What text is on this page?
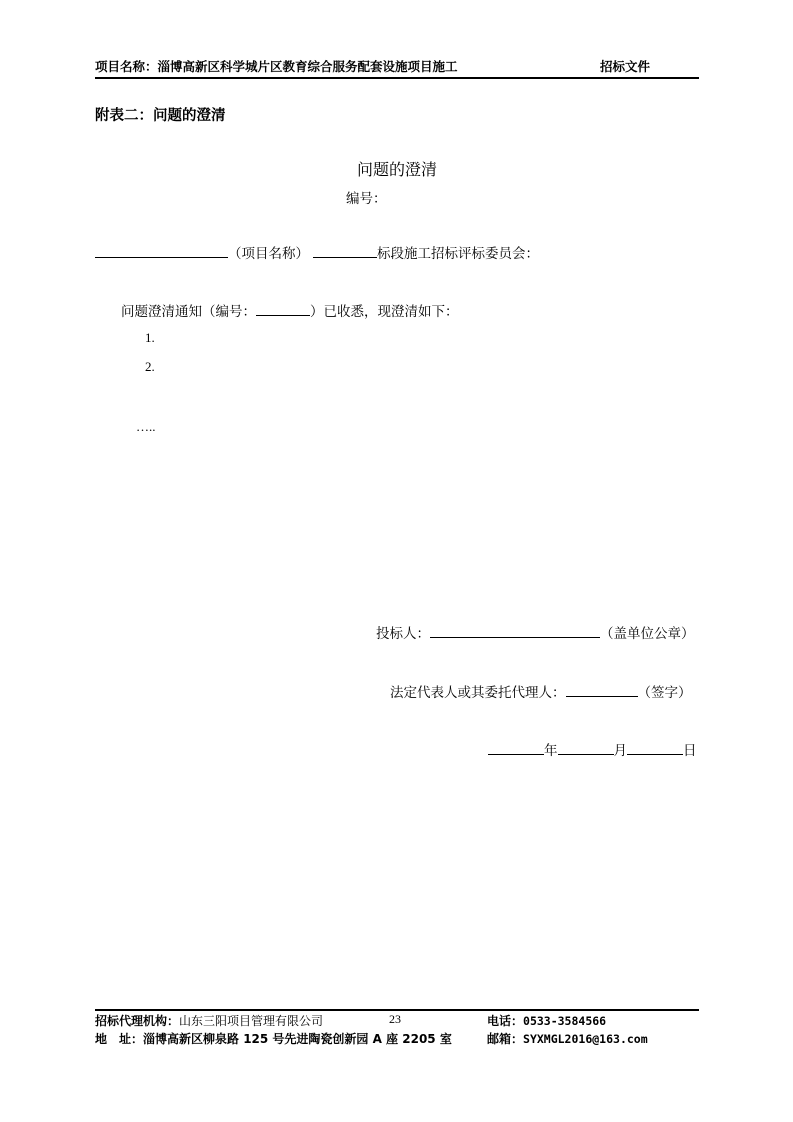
项目名称：淄博高新区科学城片区教育综合服务配套设施项目施工	招标文件
附表二：问题的澄清
问题的澄清
编号：
（项目名称）	标段施工招标评标委员会：
问题澄清通知（编号：	）已收悉，现澄清如下：
1.
2.
…..
投标人：	（盖单位公章）
法定代表人或其委托代理人：	（签字）
年	月	日
招标代理机构：山东三阳项目管理有限公司	23	电话：0533-3584566
地　址：淄博高新区柳泉路 125 号先进陶瓷创新园 A 座 2205 室	邮箱：SYXMGL2016@163.com
